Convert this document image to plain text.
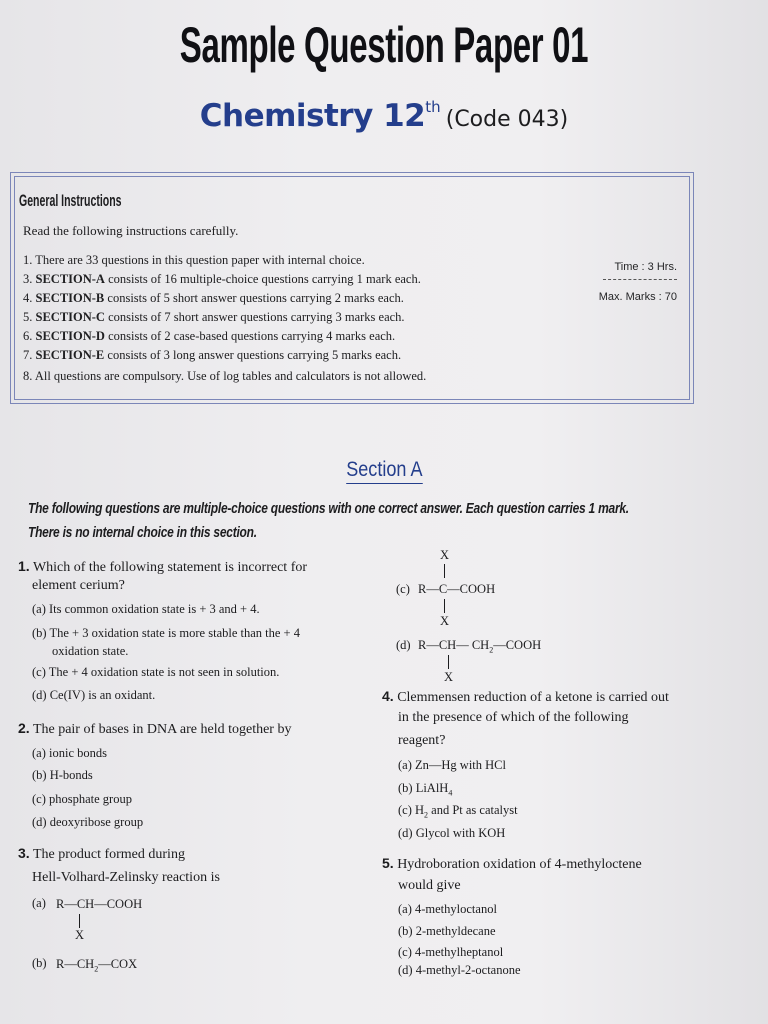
Sample Question Paper 01
Chemistry 12th (Code 043)
General Instructions
Read the following instructions carefully.
1. There are 33 questions in this question paper with internal choice.
3. SECTION-A consists of 16 multiple-choice questions carrying 1 mark each.
4. SECTION-B consists of 5 short answer questions carrying 2 marks each.
5. SECTION-C consists of 7 short answer questions carrying 3 marks each.
6. SECTION-D consists of 2 case-based questions carrying 4 marks each.
7. SECTION-E consists of 3 long answer questions carrying 5 marks each.
8. All questions are compulsory. Use of log tables and calculators is not allowed.
Time : 3 Hrs.
Max. Marks : 70
Section A
The following questions are multiple-choice questions with one correct answer. Each question carries 1 mark.
There is no internal choice in this section.
1. Which of the following statement is incorrect for
element cerium?
(a) Its common oxidation state is + 3 and + 4.
(b) The + 3 oxidation state is more stable than the + 4
oxidation state.
(c) The + 4 oxidation state is not seen in solution.
(d) Ce(IV) is an oxidant.
2. The pair of bases in DNA are held together by
(a) ionic bonds
(b) H-bonds
(c) phosphate group
(d) deoxyribose group
3. The product formed during
Hell-Volhard-Zelinsky reaction is
(a) R—CH—COOH
X
(b) $R—CH_2—COX$
X
(c) R—C—COOH
X
(d) R—CH— $CH_2—COOH$
X
4. Clemmensen reduction of a ketone is carried out
in the presence of which of the following
reagent?
(a) Zn—Hg with HCl
(b) LiAlH$_4$
(c) $H_2$ and Pt as catalyst
(d) Glycol with KOH
5. Hydroboration oxidation of 4-methyloctene
would give
(a) 4-methyloctanol
(b) 2-methyldecane
(c) 4-methylheptanol
(d) 4-methyl-2-octanone
